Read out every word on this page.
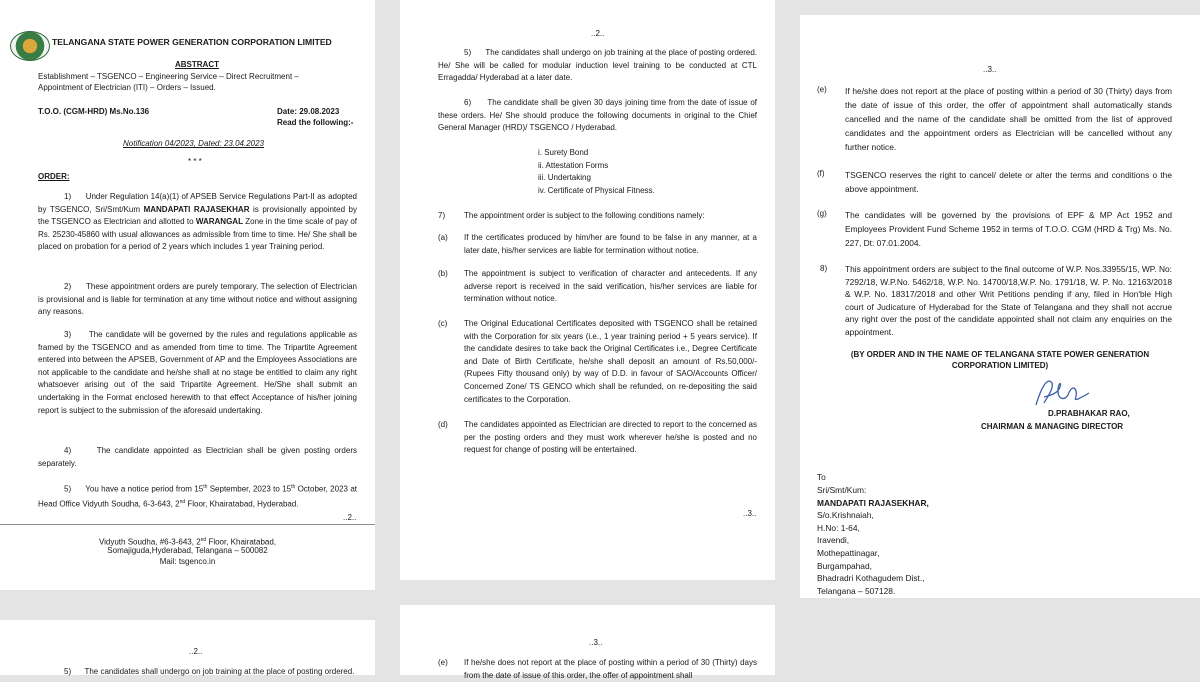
TELANGANA STATE POWER GENERATION CORPORATION LIMITED
ABSTRACT
Establishment – TSGENCO – Engineering Service – Direct Recruitment –
Appointment of Electrician (ITI) – Orders – Issued.
T.O.O. (CGM-HRD) Ms.No.136	Date: 29.08.2023
Read the following:-
Notification 04/2023, Dated: 23.04.2023
* * *
ORDER:
1) Under Regulation 14(a)(1) of APSEB Service Regulations Part-II as adopted by TSGENCO, Sri/Smt/Kum MANDAPATI RAJASEKHAR is provisionally appointed by the TSGENCO as Electrician and allotted to WARANGAL Zone in the time scale of pay of Rs. 25230-45860 with usual allowances as admissible from time to time. He/ She shall be placed on probation for a period of 2 years which includes 1 year Training period.
2) These appointment orders are purely temporary. The selection of Electrician is provisional and is liable for termination at any time without notice and without assigning any reasons.
3) The candidate will be governed by the rules and regulations applicable as framed by the TSGENCO and as amended from time to time. The Tripartite Agreement entered into between the APSEB, Government of AP and the Employees Associations are not applicable to the candidate and he/she shall at no stage be entitled to claim any right whatsoever arising out of the said Tripartite Agreement. He/She shall submit an undertaking in the Format enclosed herewith to that effect Acceptance of his/her joining report is subject to the submission of the aforesaid undertaking.
4)	The candidate appointed as Electrician shall be given posting orders separately.
5) You have a notice period from 15th September, 2023 to 15th October, 2023 at Head Office Vidyuth Soudha, 6-3-643, 2nd Floor, Khairatabad, Hyderabad.
..2..
Vidyuth Soudha, #6-3-643, 2nd Floor, Khairatabad,
Somajiguda,Hyderabad, Telangana – 500082
Mail: tsgenco.in
..2..
5) The candidates shall undergo on job training at the place of posting ordered. He/ She will be called for modular induction level training to be conducted at CTL Erragadda/ Hyderabad at a later date.
6) The candidate shall be given 30 days joining time from the date of issue of these orders. He/ She should produce the following documents in original to the Chief General Manager (HRD)/ TSGENCO / Hyderabad.
i. Surety Bond
ii. Attestation Forms
iii. Undertaking
iv. Certificate of Physical Fitness.
7) The appointment order is subject to the following conditions namely:
(a) If the certificates produced by him/her are found to be false in any manner, at a later date, his/her services are liable for termination without notice.
(b) The appointment is subject to verification of character and antecedents. If any adverse report is received in the said verification, his/her services are liable for termination without notice.
(c) The Original Educational Certificates deposited with TSGENCO shall be retained with the Corporation for six years (i.e., 1 year training period + 5 years service). If the candidate desires to take back the Original Certificates i.e., Degree Certificate and Date of Birth Certificate, he/she shall deposit an amount of Rs.50,000/- (Rupees Fifty thousand only) by way of D.D. in favour of SAO/Accounts Officer/ Concerned Zone/ TS GENCO which shall be refunded, on re-depositing the said certificates to the Corporation.
(d) The candidates appointed as Electrician are directed to report to the concerned as per the posting orders and they must work wherever he/she is posted and no request for change of posting will be entertained.
..3..
..3..
(e) If he/she does not report at the place of posting within a period of 30 (Thirty) days from the date of issue of this order, the offer of appointment shall automatically stands cancelled and the name of the candidate shall be omitted from the list of approved candidates and the appointment orders as Electrician will be cancelled without any further notice.
(f) TSGENCO reserves the right to cancel/ delete or alter the terms and conditions o the above appointment.
(g) The candidates will be governed by the provisions of EPF & MP Act 1952 and Employees Provident Fund Scheme 1952 in terms of T.O.O. CGM (HRD & Trg) Ms. No. 227, Dt: 07.01.2004.
8) This appointment orders are subject to the final outcome of W.P. Nos.33955/15, WP. No: 7292/18, W.P.No. 5462/18, W.P. No. 14700/18,W.P. No. 1791/18, W. P. No. 12163/2018 & W.P. No. 18317/2018 and other Writ Petitions pending if any, filed in Hon'ble High court of Judicature of Hyderabad for the State of Telangana and they shall not accrue any right over the post of the candidate appointed shall not claim any enquiries on the appointment.
(BY ORDER AND IN THE NAME OF TELANGANA STATE POWER GENERATION
CORPORATION LIMITED)
D.PRABHAKAR RAO,
CHAIRMAN & MANAGING DIRECTOR
To
Sri/Smt/Kum:
MANDAPATI RAJASEKHAR,
S/o.Krishnaiah,
H.No: 1-64,
Iravendi,
Mothepattinagar,
Burgampahad,
Bhadradri Kothagudem Dist.,
Telangana – 507128.
..2..
5) The candidates shall undergo on job training at the place of posting ordered.
..3..
(e) If he/she does not report at the place of posting within a period of 30 (Thirty) days from the date of issue of this order, the offer of appointment shall
